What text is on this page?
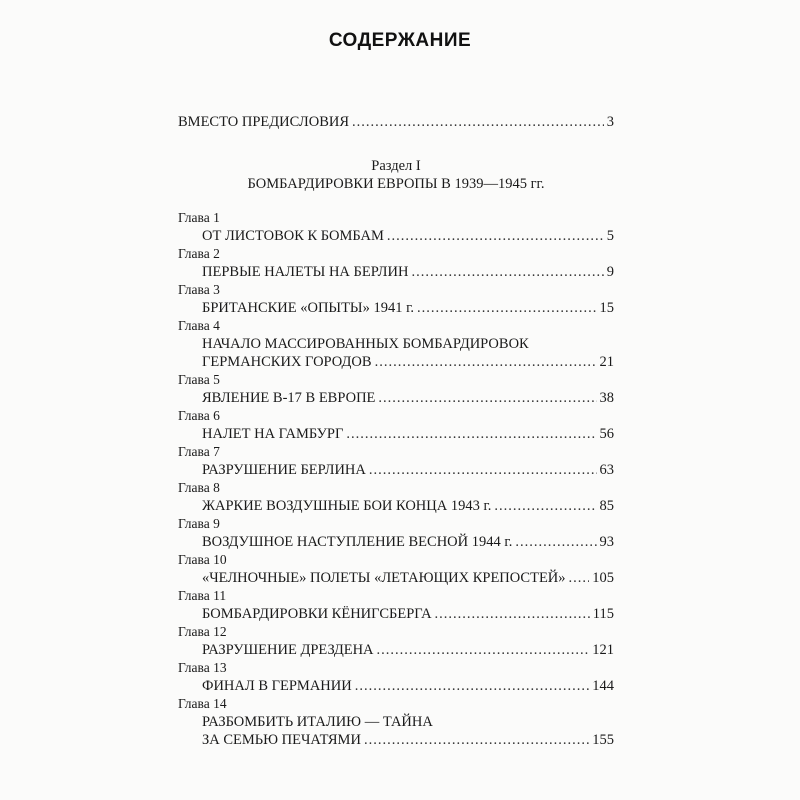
СОДЕРЖАНИЕ
ВМЕСТО ПРЕДИСЛОВИЯ .....	3
Раздел I
БОМБАРДИРОВКИ ЕВРОПЫ В 1939—1945 гг.
Глава 1
ОТ ЛИСТОВОК К БОМБАМ .....	5
Глава 2
ПЕРВЫЕ НАЛЕТЫ НА БЕРЛИН .....	9
Глава 3
БРИТАНСКИЕ «ОПЫТЫ» 1941 г. .....	15
Глава 4
НАЧАЛО МАССИРОВАННЫХ БОМБАРДИРОВОК
ГЕРМАНСКИХ ГОРОДОВ .....	21
Глава 5
ЯВЛЕНИЕ В-17 В ЕВРОПЕ .....	38
Глава 6
НАЛЕТ НА ГАМБУРГ .....	56
Глава 7
РАЗРУШЕНИЕ БЕРЛИНА .....	63
Глава 8
ЖАРКИЕ ВОЗДУШНЫЕ БОИ КОНЦА 1943 г. .....	85
Глава 9
ВОЗДУШНОЕ НАСТУПЛЕНИЕ ВЕСНОЙ 1944 г. .....	93
Глава 10
«ЧЕЛНОЧНЫЕ» ПОЛЕТЫ «ЛЕТАЮЩИХ КРЕПОСТЕЙ» ..... 105
Глава 11
БОМБАРДИРОВКИ КЁНИГСБЕРГА .....	115
Глава 12
РАЗРУШЕНИЕ ДРЕЗДЕНА .....	121
Глава 13
ФИНАЛ В ГЕРМАНИИ .....	144
Глава 14
РАЗБОМБИТЬ ИТАЛИЮ — ТАЙНА
ЗА СЕМЬЮ ПЕЧАТЯМИ .....	155
